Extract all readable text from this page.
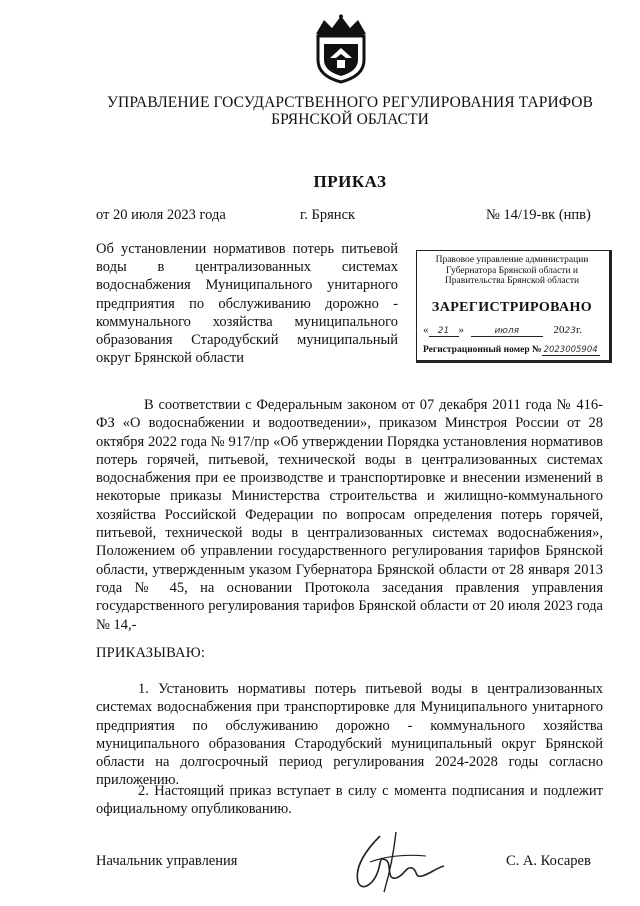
УПРАВЛЕНИЕ ГОСУДАРСТВЕННОГО РЕГУЛИРОВАНИЯ ТАРИФОВ
БРЯНСКОЙ ОБЛАСТИ
ПРИКАЗ
от 20 июля 2023 года	г. Брянск	№ 14/19-вк (нпв)
Об установлении нормативов потерь питьевой воды в централизованных системах водоснабжения Муниципального унитарного предприятия по обслуживанию дорожно - коммунального хозяйства муниципального образования Стародубский муниципальный округ Брянской области
Правовое управление администрации Губернатора Брянской области и Правительства Брянской области
ЗАРЕГИСТРИРОВАНО
« 21 »	июля	2023г.
Регистрационный номер № 2023005904
В соответствии с Федеральным законом от 07 декабря 2011 года № 416-ФЗ «О водоснабжении и водоотведении», приказом Минстроя России от 28 октября 2022 года № 917/пр «Об утверждении Порядка установления нормативов потерь горячей, питьевой, технической воды в централизованных системах водоснабжения при ее производстве и транспортировке и внесении изменений в некоторые приказы Министерства строительства и жилищно-коммунального хозяйства Российской Федерации по вопросам определения потерь горячей, питьевой, технической воды в централизованных системах водоснабжения», Положением об управлении государственного регулирования тарифов Брянской области, утвержденным указом Губернатора Брянской области от 28 января 2013 года № 45, на основании Протокола заседания правления управления государственного регулирования тарифов Брянской области от 20 июля 2023 года № 14,-
ПРИКАЗЫВАЮ:
1. Установить нормативы потерь питьевой воды в централизованных системах водоснабжения при транспортировке для Муниципального унитарного предприятия по обслуживанию дорожно - коммунального хозяйства муниципального образования Стародубский муниципальный округ Брянской области на долгосрочный период регулирования 2024-2028 годы согласно приложению.
2. Настоящий приказ вступает в силу с момента подписания и подлежит официальному опубликованию.
Начальник управления	С. А. Косарев
